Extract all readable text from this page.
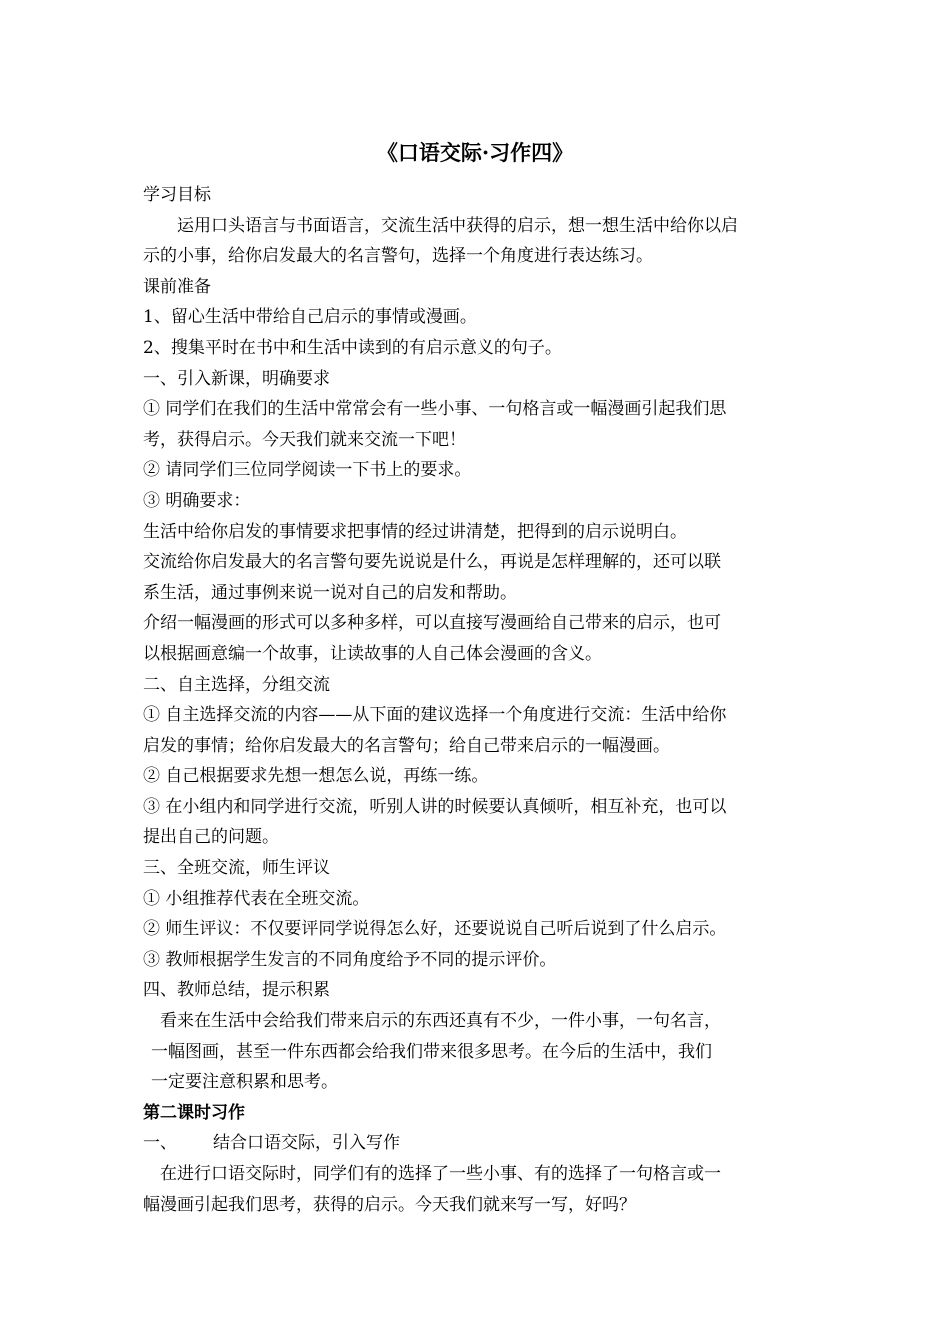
《口语交际·习作四》
学习目标
运用口头语言与书面语言，交流生活中获得的启示，想一想生活中给你以启
示的小事，给你启发最大的名言警句，选择一个角度进行表达练习。
课前准备
1、留心生活中带给自己启示的事情或漫画。
2、搜集平时在书中和生活中读到的有启示意义的句子。
一、引入新课，明确要求
① 同学们在我们的生活中常常会有一些小事、一句格言或一幅漫画引起我们思
考，获得启示。今天我们就来交流一下吧！
② 请同学们三位同学阅读一下书上的要求。
③ 明确要求：
生活中给你启发的事情要求把事情的经过讲清楚，把得到的启示说明白。
交流给你启发最大的名言警句要先说说是什么，再说是怎样理解的，还可以联
系生活，通过事例来说一说对自己的启发和帮助。
介绍一幅漫画的形式可以多种多样，可以直接写漫画给自己带来的启示，也可
以根据画意编一个故事，让读故事的人自己体会漫画的含义。
二、自主选择，分组交流
① 自主选择交流的内容——从下面的建议选择一个角度进行交流：生活中给你
启发的事情；给你启发最大的名言警句；给自己带来启示的一幅漫画。
② 自己根据要求先想一想怎么说，再练一练。
③ 在小组内和同学进行交流，听别人讲的时候要认真倾听，相互补充，也可以
提出自己的问题。
三、全班交流，师生评议
① 小组推荐代表在全班交流。
② 师生评议：不仅要评同学说得怎么好，还要说说自己听后说到了什么启示。
③ 教师根据学生发言的不同角度给予不同的提示评价。
四、教师总结，提示积累
看来在生活中会给我们带来启示的东西还真有不少，一件小事，一句名言，
一幅图画，甚至一件东西都会给我们带来很多思考。在今后的生活中，我们
一定要注意积累和思考。
第二课时习作
一、 结合口语交际，引入写作
在进行口语交际时，同学们有的选择了一些小事、有的选择了一句格言或一
幅漫画引起我们思考，获得的启示。今天我们就来写一写，好吗？
